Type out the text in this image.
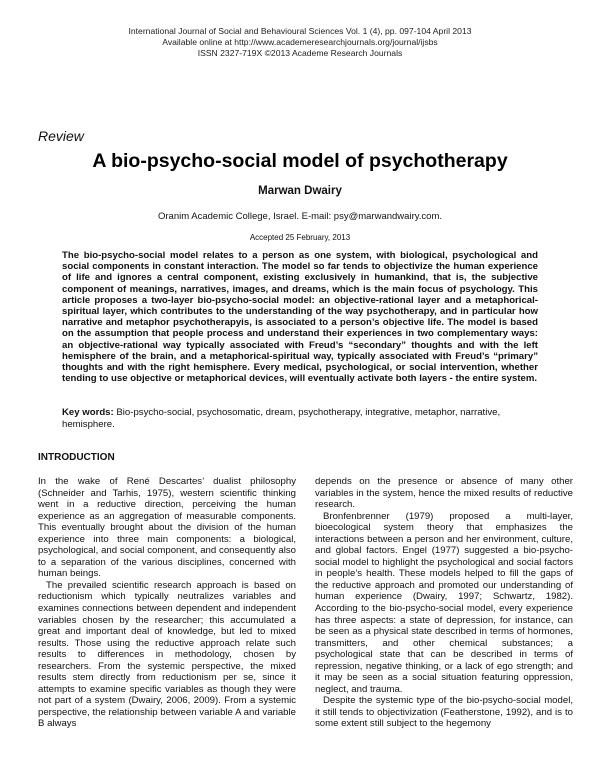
International Journal of Social and Behavioural Sciences Vol. 1 (4), pp. 097-104 April 2013
Available online at http://www.academeresearchjournals.org/journal/ijsbs
ISSN 2327-719X ©2013 Academe Research Journals
Review
A bio-psycho-social model of psychotherapy
Marwan Dwairy
Oranim Academic College, Israel. E-mail: psy@marwandwairy.com.
Accepted 25 February, 2013

The bio-psycho-social model relates to a person as one system, with biological, psychological and social components in constant interaction. The model so far tends to objectivize the human experience of life and ignores a central component, existing exclusively in humankind, that is, the subjective component of meanings, narratives, images, and dreams, which is the main focus of psychology. This article proposes a two-layer bio-psycho-social model: an objective-rational layer and a metaphorical-spiritual layer, which contributes to the understanding of the way psychotherapy, and in particular how narrative and metaphor psychotherapyis, is associated to a person’s objective life. The model is based on the assumption that people process and understand their experiences in two complementary ways: an objective-rational way typically associated with Freud’s “secondary” thoughts and with the left hemisphere of the brain, and a metaphorical-spiritual way, typically associated with Freud’s “primary” thoughts and with the right hemisphere. Every medical, psychological, or social intervention, whether tending to use objective or metaphorical devices, will eventually activate both layers - the entire system.

Key words: Bio-psycho-social, psychosomatic, dream, psychotherapy, integrative, metaphor, narrative, hemisphere.

INTRODUCTION

In the wake of René Descartes’ dualist philosophy (Schneider and Tarhis, 1975), western scientific thinking went in a reductive direction, perceiving the human experience as an aggregation of measurable components. This eventually brought about the division of the human experience into three main components: a biological, psychological, and social component, and consequently also to a separation of the various disciplines, concerned with human beings.

The prevailed scientific research approach is based on reductionism which typically neutralizes variables and examines connections between dependent and independent variables chosen by the researcher; this accumulated a great and important deal of knowledge, but led to mixed results. Those using the reductive approach relate such results to differences in methodology, chosen by researchers. From the systemic perspective, the mixed results stem directly from reductionism per se, since it attempts to examine specific variables as though they were not part of a system (Dwairy, 2006, 2009). From a systemic perspective, the relationship between variable A and variable B always

depends on the presence or absence of many other variables in the system, hence the mixed results of reductive research.

Bronfenbrenner (1979) proposed a multi-layer, bioecological system theory that emphasizes the interactions between a person and her environment, culture, and global factors. Engel (1977) suggested a bio-psycho-social model to highlight the psychological and social factors in people’s health. These models helped to fill the gaps of the reductive approach and promoted our understanding of human experience (Dwairy, 1997; Schwartz, 1982). According to the bio-psycho-social model, every experience has three aspects: a state of depression, for instance, can be seen as a physical state described in terms of hormones, transmitters, and other chemical substances; a psychological state that can be described in terms of repression, negative thinking, or a lack of ego strength; and it may be seen as a social situation featuring oppression, neglect, and trauma.

Despite the systemic type of the bio-psycho-social model, it still tends to objectivization (Featherstone, 1992), and is to some extent still subject to the hegemony
